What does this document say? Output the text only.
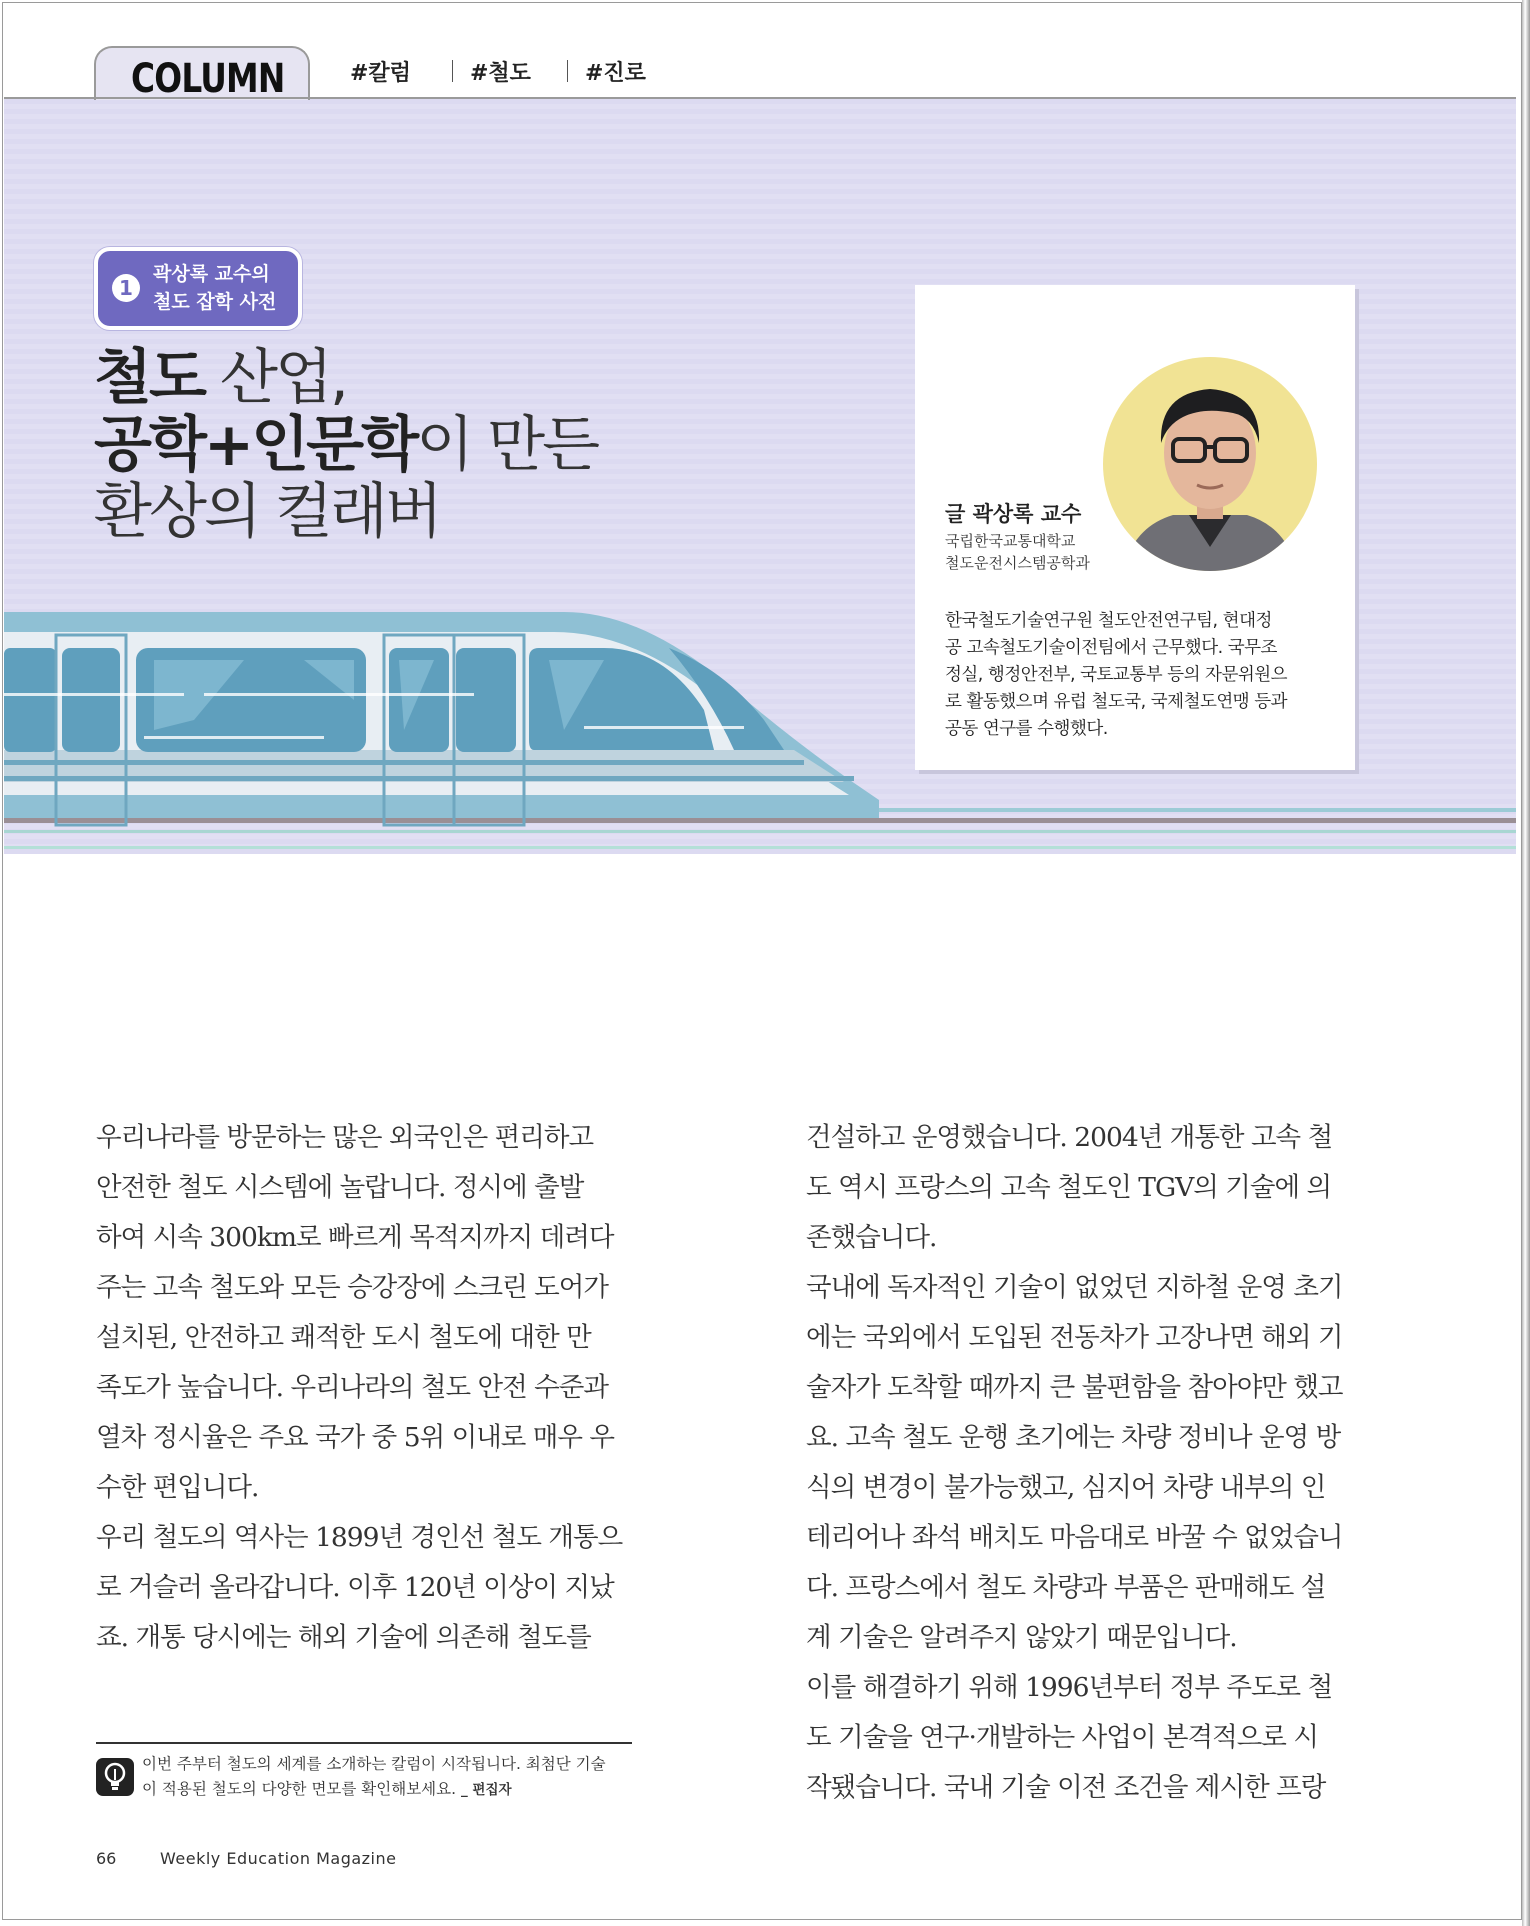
COLUMN	#칼럼	#철도 #진로
1
곽상록 교수의
철도 잡학 사전
철도 산업,
공학+인문학이 만든
환상의 컬래버	글 곽상록 교수
국립한국교통대학교
철도운전시스템공학과
한국철도기술연구원 철도안전연구팀, 현대정
공 고속철도기술이전팀에서 근무했다. 국무조
정실, 행정안전부, 국토교통부 등의 자문위원으
로 활동했으며 유럽 철도국, 국제철도연맹 등과
공동 연구를 수행했다.

우리나라를 방문하는 많은 외국인은 편리하고

안전한 철도 시스템에 놀랍니다. 정시에 출발

하여 시속 300km로 빠르게 목적지까지 데려다

주는 고속 철도와 모든 승강장에 스크린 도어가

설치된, 안전하고 쾌적한 도시 철도에 대한 만

족도가 높습니다. 우리나라의 철도 안전 수준과

열차 정시율은 주요 국가 중 5위 이내로 매우 우

수한 편입니다.

우리 철도의 역사는 1899년 경인선 철도 개통으

로 거슬러 올라갑니다. 이후 120년 이상이 지났

죠. 개통 당시에는 해외 기술에 의존해 철도를

건설하고 운영했습니다. 2004년 개통한 고속 철

도 역시 프랑스의 고속 철도인 TGV의 기술에 의

존했습니다.

국내에 독자적인 기술이 없었던 지하철 운영 초기

에는 국외에서 도입된 전동차가 고장나면 해외 기

술자가 도착할 때까지 큰 불편함을 참아야만 했고

요. 고속 철도 운행 초기에는 차량 정비나 운영 방

식의 변경이 불가능했고, 심지어 차량 내부의 인

테리어나 좌석 배치도 마음대로 바꿀 수 없었습니

다. 프랑스에서 철도 차량과 부품은 판매해도 설

계 기술은 알려주지 않았기 때문입니다.

이를 해결하기 위해 1996년부터 정부 주도로 철

도 기술을 연구·개발하는 사업이 본격적으로 시

작됐습니다. 국내 기술 이전 조건을 제시한 프랑

이번 주부터 철도의 세계를 소개하는 칼럼이 시작됩니다. 최첨단 기술
이 적용된 철도의 다양한 면모를 확인해보세요. _ 편집자
66	Weekly Education Magazine
